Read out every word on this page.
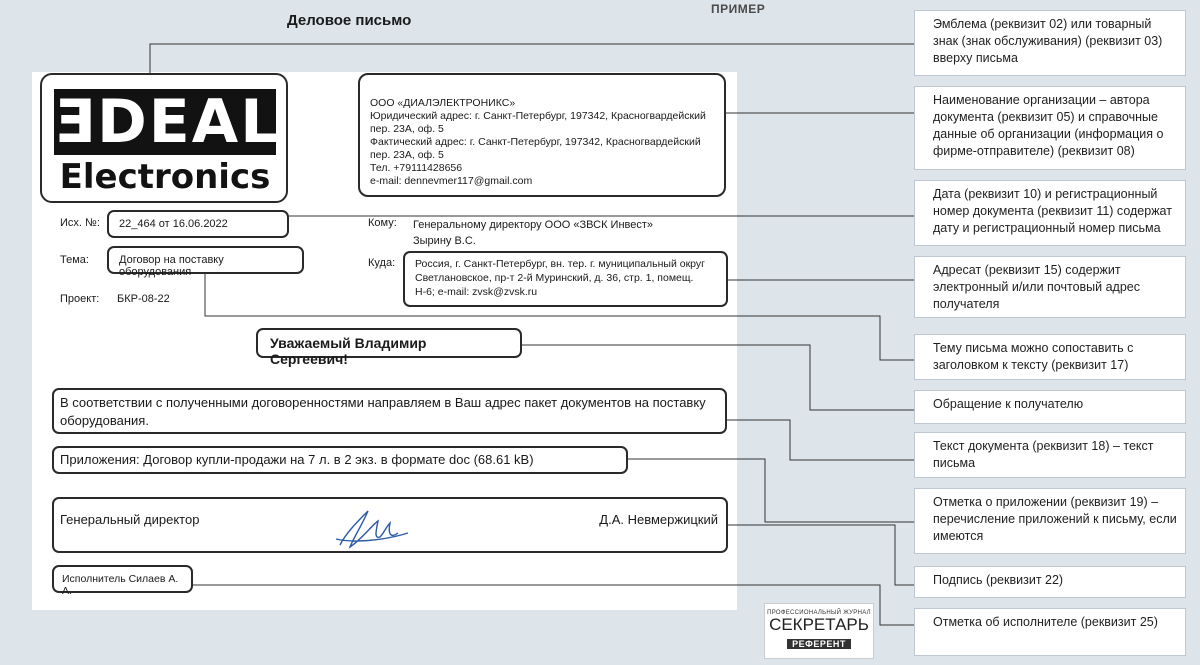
Деловое письмо
ПРИМЕР
ƎDEAL
Electronics
ООО «ДИАЛЭЛЕКТРОНИКС»
Юридический адрес: г. Санкт-Петербург, 197342, Красногвардейский пер. 23А, оф. 5
Фактический адрес: г. Санкт-Петербург, 197342, Красногвардейский пер. 23А, оф. 5
Тел. +79111428656
e-mail: dennevmer117@gmail.com
Исх. №:	22_464 от 16.06.2022
Тема:	Договор на поставку оборудования
Проект: БКР-08-22
Кому: Генеральному директору ООО «ЗВСК Инвест»
Зырину В.С.
Куда:	Россия, г. Санкт-Петербург, вн. тер. г. муниципальный округ Светлановское, пр-т 2-й Муринский, д. 36, стр. 1, помещ. Н-6; e-mail: zvsk@zvsk.ru
Уважаемый Владимир Сергеевич!
В соответствии с полученными договоренностями направляем в Ваш адрес пакет документов на поставку оборудования.
Приложения: Договор купли-продажи на 7 л. в 2 экз. в формате doc (68.61 kB)
Генеральный директор	Д.А. Невмержицкий
Исполнитель Силаев А. А.
Эмблема (реквизит 02) или товарный знак (знак обслуживания) (реквизит 03) вверху письма
Наименование организации – автора документа (реквизит 05) и справочные данные об организации (информация о фирме-отправителе) (реквизит 08)
Дата (реквизит 10) и регистрационный номер документа (реквизит 11) содержат дату и регистрационный номер письма
Адресат (реквизит 15) содержит электронный и/или почтовый адрес получателя
Тему письма можно сопоставить с заголовком к тексту (реквизит 17)
Обращение к получателю
Текст документа (реквизит 18) – текст письма
Отметка о приложении (реквизит 19) – перечисление приложений к письму, если имеются
Подпись (реквизит 22)
Отметка об исполнителе (реквизит 25)
ПРОФЕССИОНАЛЬНЫЙ ЖУРНАЛ
СЕКРЕТАРЬ
РЕФЕРЕНТ
